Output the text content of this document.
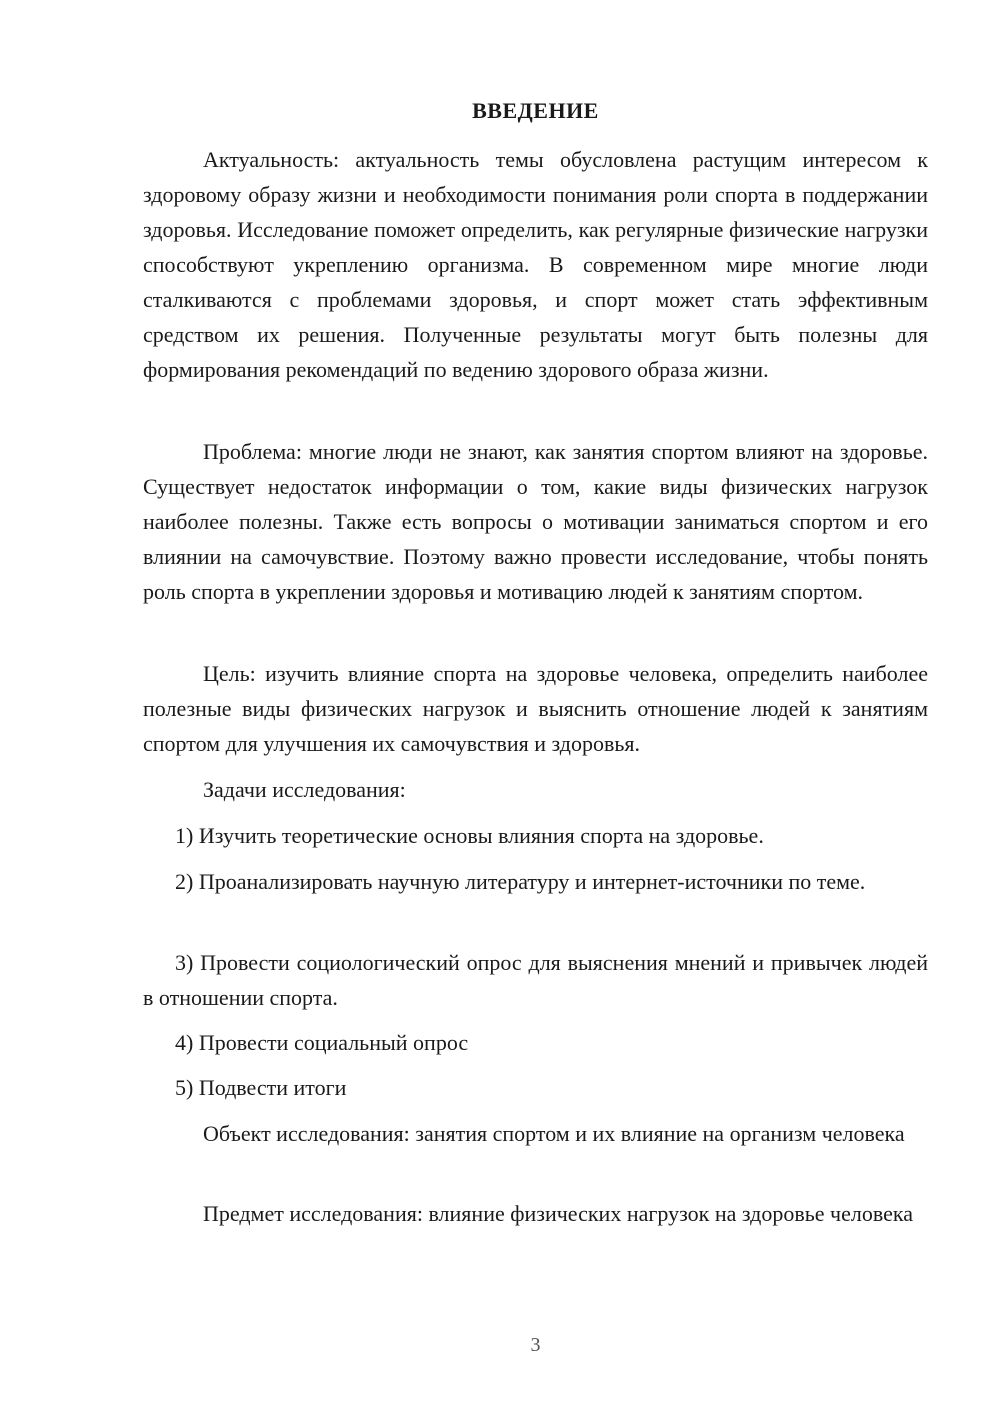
ВВЕДЕНИЕ

Актуальность: актуальность темы обусловлена растущим интересом к здоровому образу жизни и необходимости понимания роли спорта в поддержании здоровья. Исследование поможет определить, как регулярные физические нагрузки способствуют укреплению организма. В современном мире многие люди сталкиваются с проблемами здоровья, и спорт может стать эффективным средством их решения. Полученные результаты могут быть полезны для формирования рекомендаций по ведению здорового образа жизни.

Проблема: многие люди не знают, как занятия спортом влияют на здоровье. Существует недостаток информации о том, какие виды физических нагрузок наиболее полезны. Также есть вопросы о мотивации заниматься спортом и его влиянии на самочувствие. Поэтому важно провести исследование, чтобы понять роль спорта в укреплении здоровья и мотивацию людей к занятиям спортом.

Цель: изучить влияние спорта на здоровье человека, определить наиболее полезные виды физических нагрузок и выяснить отношение людей к занятиям спортом для улучшения их самочувствия и здоровья.

Задачи исследования:

1) Изучить теоретические основы влияния спорта на здоровье.

2) Проанализировать научную литературу и интернет-источники по теме.

3) Провести социологический опрос для выяснения мнений и привычек людей в отношении спорта.

4) Провести социальный опрос

5) Подвести итоги

Объект исследования: занятия спортом и их влияние на организм человека

Предмет исследования: влияние физических нагрузок на здоровье человека

3
